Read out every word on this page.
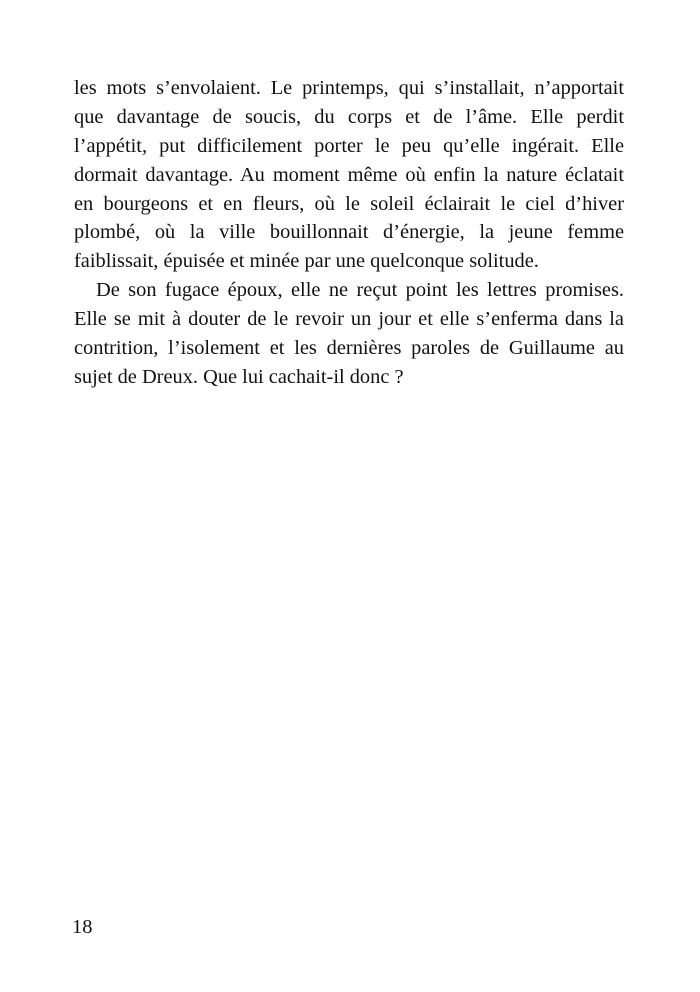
les mots s’envolaient. Le printemps, qui s’installait, n’apportait
que davantage de soucis, du corps et de l’âme. Elle perdit
l’appétit, put difficilement porter le peu qu’elle ingérait. Elle
dormait davantage. Au moment même où enfin la nature éclatait
en bourgeons et en fleurs, où le soleil éclairait le ciel d’hiver
plombé, où la ville bouillonnait d’énergie, la jeune femme
faiblissait, épuisée et minée par une quelconque solitude.

De son fugace époux, elle ne reçut point les lettres promises.
Elle se mit à douter de le revoir un jour et elle s’enferma dans la
contrition, l’isolement et les dernières paroles de Guillaume au
sujet de Dreux. Que lui cachait-il donc ?

18
